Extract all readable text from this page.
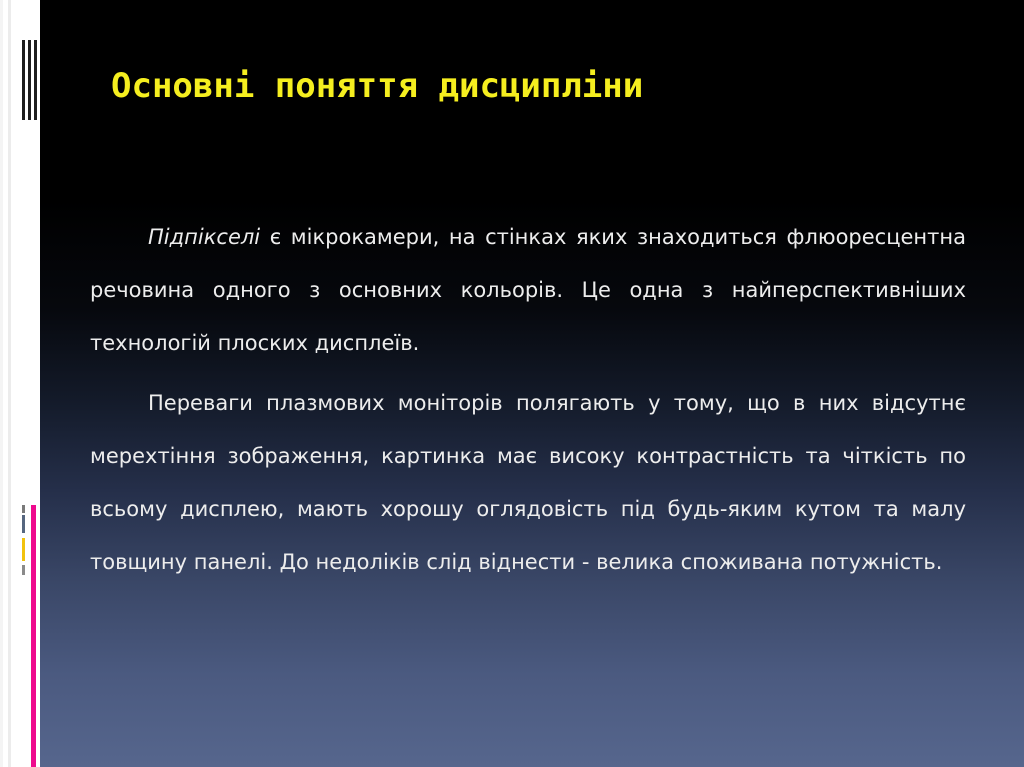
Основні поняття дисципліни

Підпікселі є мікрокамери, на стінках яких знаходиться флюоресцентна речовина одного з основних кольорів. Це одна з найперспективніших технологій плоских дисплеїв.

Переваги плазмових моніторів полягають у тому, що в них відсутнє мерехтіння зображення, картинка має високу контрастність та чіткість по всьому дисплею, мають хорошу оглядовість під будь-яким кутом та малу товщину панелі. До недоліків слід віднести - велика споживана потужність.
